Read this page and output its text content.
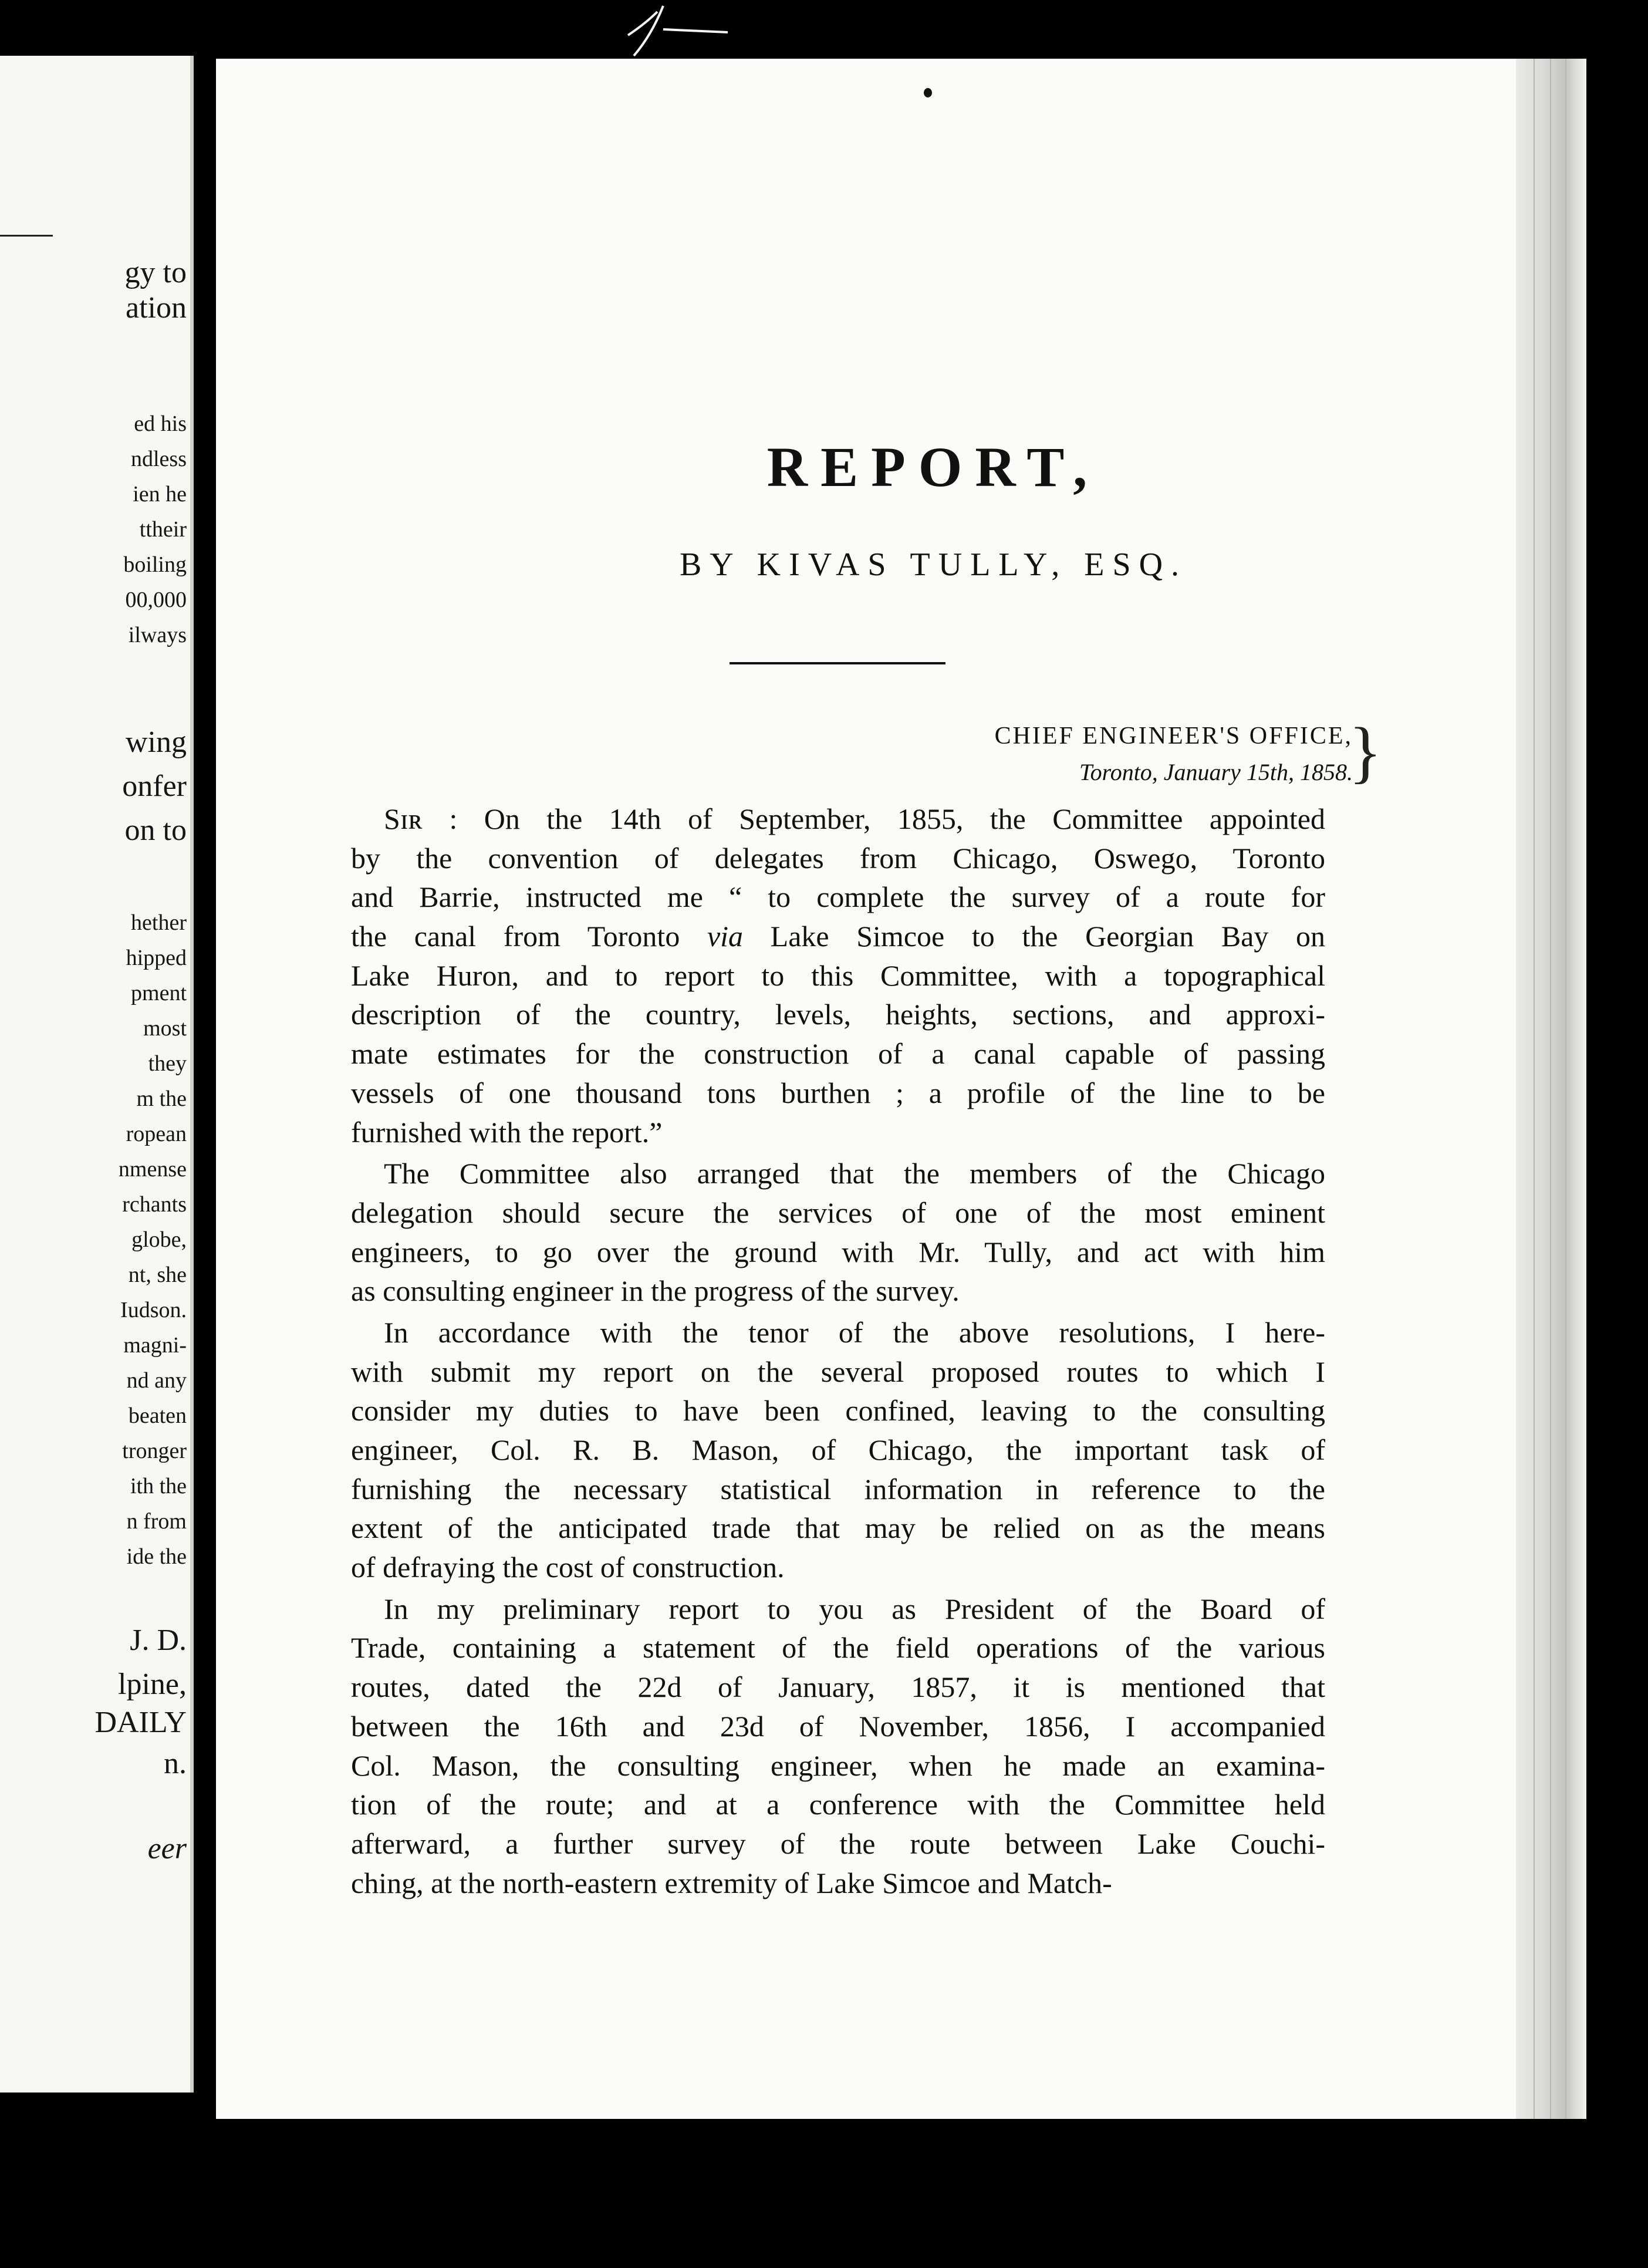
gy to
ation
ed his
ndless
ien he
ttheir
boiling
00,000
ilways
wing
onfer
on to
hether
hipped
pment
most
they
m the
ropean
nmense
rchants
globe,
nt, she
Iudson.
magni-
nd any
beaten
tronger
ith the
n from
ide the
J. D.
lpine,
DAILY
n.
eer
REPORT,
BY KIVAS TULLY, ESQ.
CHIEF ENGINEER'S OFFICE,
Toronto, January 15th, 1858.
}
Sɪʀ : On the 14th of September, 1855, the Committee appointed
by the convention of delegates from Chicago, Oswego, Toronto
and Barrie, instructed me “ to complete the survey of a route for
the canal from Toronto via Lake Simcoe to the Georgian Bay on
Lake Huron, and to report to this Committee, with a topographical
description of the country, levels, heights, sections, and approxi-
mate estimates for the construction of a canal capable of passing
vessels of one thousand tons burthen ; a profile of the line to be
furnished with the report.”
The Committee also arranged that the members of the Chicago
delegation should secure the services of one of the most eminent
engineers, to go over the ground with Mr. Tully, and act with him
as consulting engineer in the progress of the survey.
In accordance with the tenor of the above resolutions, I here-
with submit my report on the several proposed routes to which I
consider my duties to have been confined, leaving to the consulting
engineer, Col. R. B. Mason, of Chicago, the important task of
furnishing the necessary statistical information in reference to the
extent of the anticipated trade that may be relied on as the means
of defraying the cost of construction.
In my preliminary report to you as President of the Board of
Trade, containing a statement of the field operations of the various
routes, dated the 22d of January, 1857, it is mentioned that
between the 16th and 23d of November, 1856, I accompanied
Col. Mason, the consulting engineer, when he made an examina-
tion of the route; and at a conference with the Committee held
afterward, a further survey of the route between Lake Couchi-
ching, at the north-eastern extremity of Lake Simcoe and Match-
